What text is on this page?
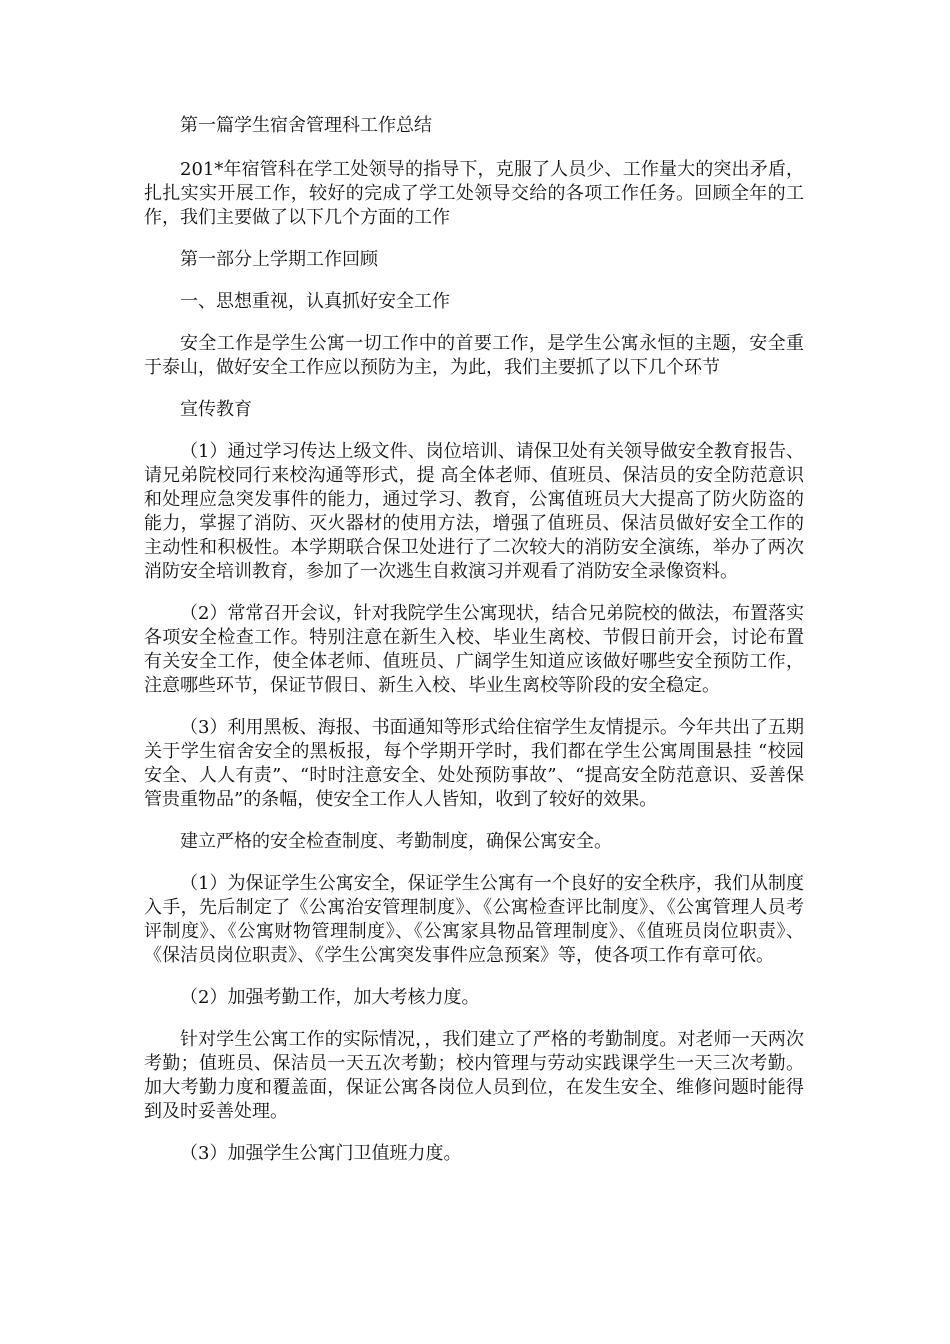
第一篇学生宿舍管理科工作总结

201*年宿管科在学工处领导的指导下，克服了人员少、工作量大的突出矛盾，扎扎实实开展工作，较好的完成了学工处领导交给的各项工作任务。回顾全年的工作，我们主要做了以下几个方面的工作

第一部分上学期工作回顾

一、思想重视，认真抓好安全工作

安全工作是学生公寓一切工作中的首要工作，是学生公寓永恒的主题，安全重于泰山，做好安全工作应以预防为主，为此，我们主要抓了以下几个环节

宣传教育

（1）通过学习传达上级文件、岗位培训、请保卫处有关领导做安全教育报告、请兄弟院校同行来校沟通等形式，提 高全体老师、值班员、保洁员的安全防范意识和处理应急突发事件的能力，通过学习、教育，公寓值班员大大提高了防火防盗的能力，掌握了消防、灭火器材的使用方法，增强了值班员、保洁员做好安全工作的主动性和积极性。本学期联合保卫处进行了二次较大的消防安全演练，举办了两次消防安全培训教育，参加了一次逃生自救演习并观看了消防安全录像资料。

（2）常常召开会议，针对我院学生公寓现状，结合兄弟院校的做法，布置落实各项安全检查工作。特别注意在新生入校、毕业生离校、节假日前开会，讨论布置有关安全工作，使全体老师、值班员、广阔学生知道应该做好哪些安全预防工作，注意哪些环节，保证节假日、新生入校、毕业生离校等阶段的安全稳定。

（3）利用黑板、海报、书面通知等形式给住宿学生友情提示。今年共出了五期关于学生宿舍安全的黑板报，每个学期开学时，我们都在学生公寓周围悬挂 “校园安全、人人有责”、“时时注意安全、处处预防事故”、“提高安全防范意识、妥善保管贵重物品”的条幅，使安全工作人人皆知，收到了较好的效果。

建立严格的安全检查制度、考勤制度，确保公寓安全。

（1）为保证学生公寓安全，保证学生公寓有一个良好的安全秩序，我们从制度入手，先后制定了《公寓治安管理制度》、《公寓检查评比制度》、《公寓管理人员考评制度》、《公寓财物管理制度》、《公寓家具物品管理制度》、《值班员岗位职责》、《保洁员岗位职责》、《学生公寓突发事件应急预案》等，使各项工作有章可依。

（2）加强考勤工作，加大考核力度。

针对学生公寓工作的实际情况，，我们建立了严格的考勤制度。对老师一天两次考勤；值班员、保洁员一天五次考勤；校内管理与劳动实践课学生一天三次考勤。加大考勤力度和覆盖面，保证公寓各岗位人员到位，在发生安全、维修问题时能得到及时妥善处理。

（3）加强学生公寓门卫值班力度。
